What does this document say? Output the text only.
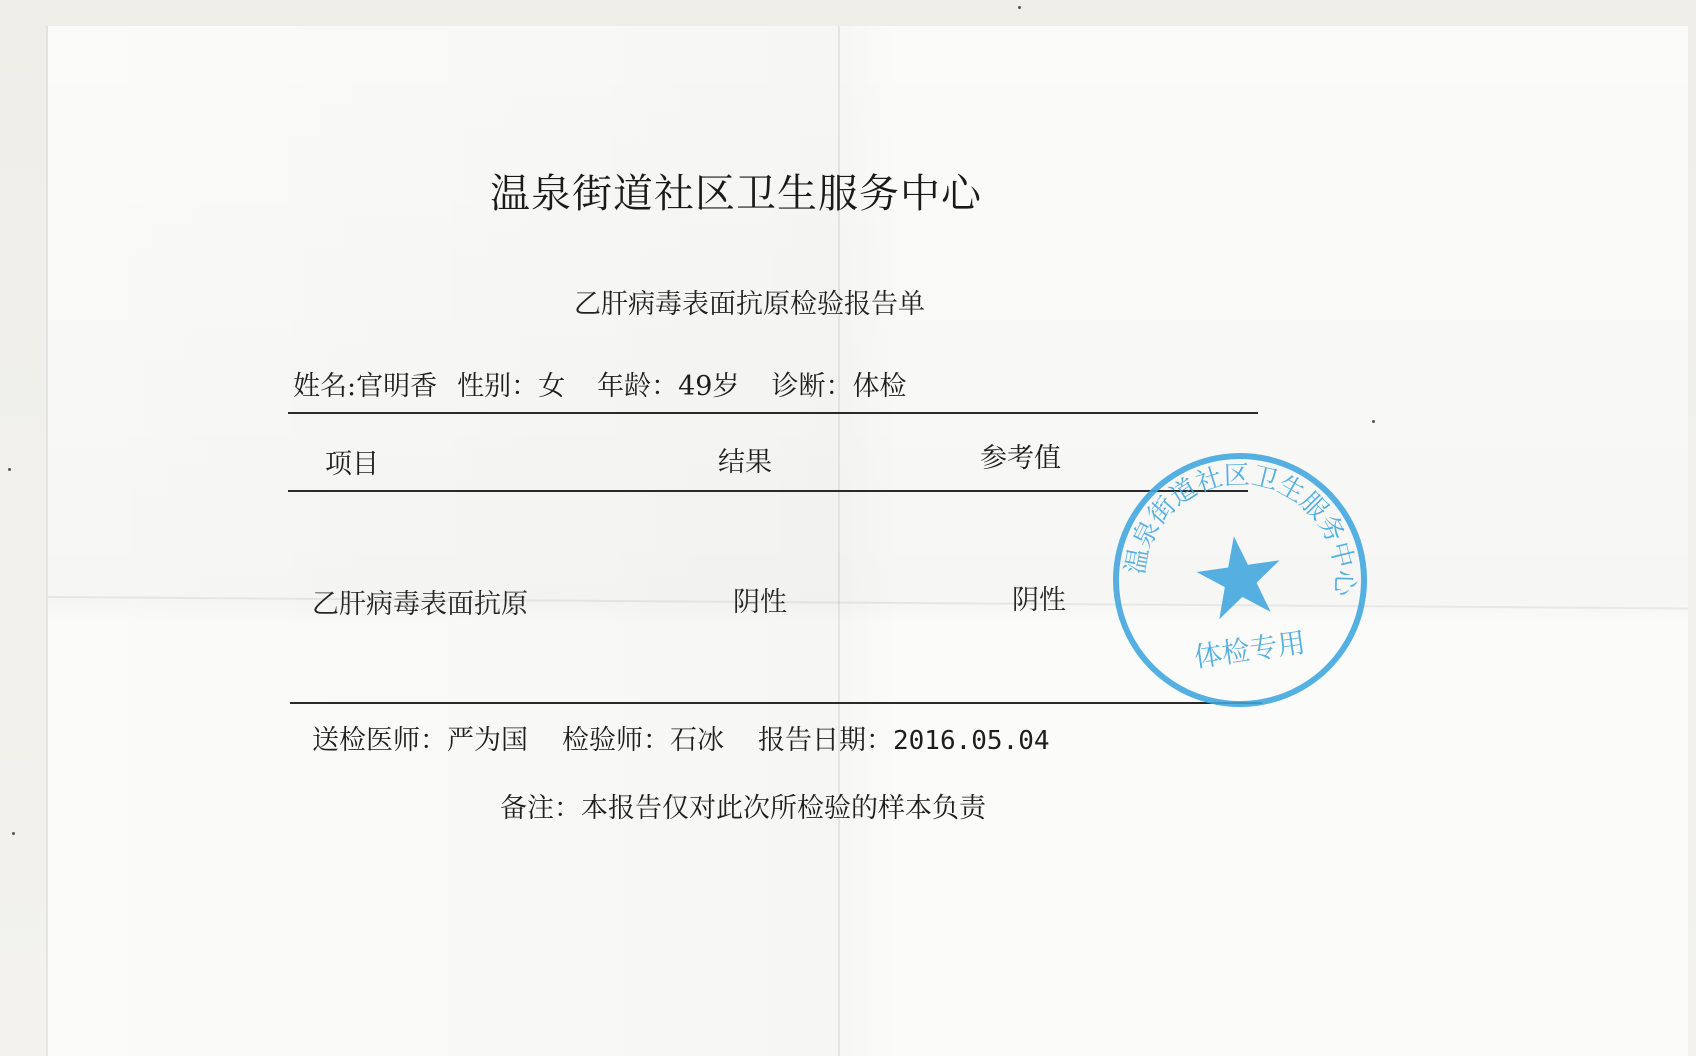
温泉街道社区卫生服务中心
乙肝病毒表面抗原检验报告单
姓名:官明香 性别：女 年龄：49岁 诊断：体检
项目	结果	参考值
乙肝病毒表面抗原	阴性	阴性
送检医师：严为国 检验师：石冰 报告日期：2016.05.04
备注：本报告仅对此次所检验的样本负责
温泉街道社区卫生服务中心
体检专用
